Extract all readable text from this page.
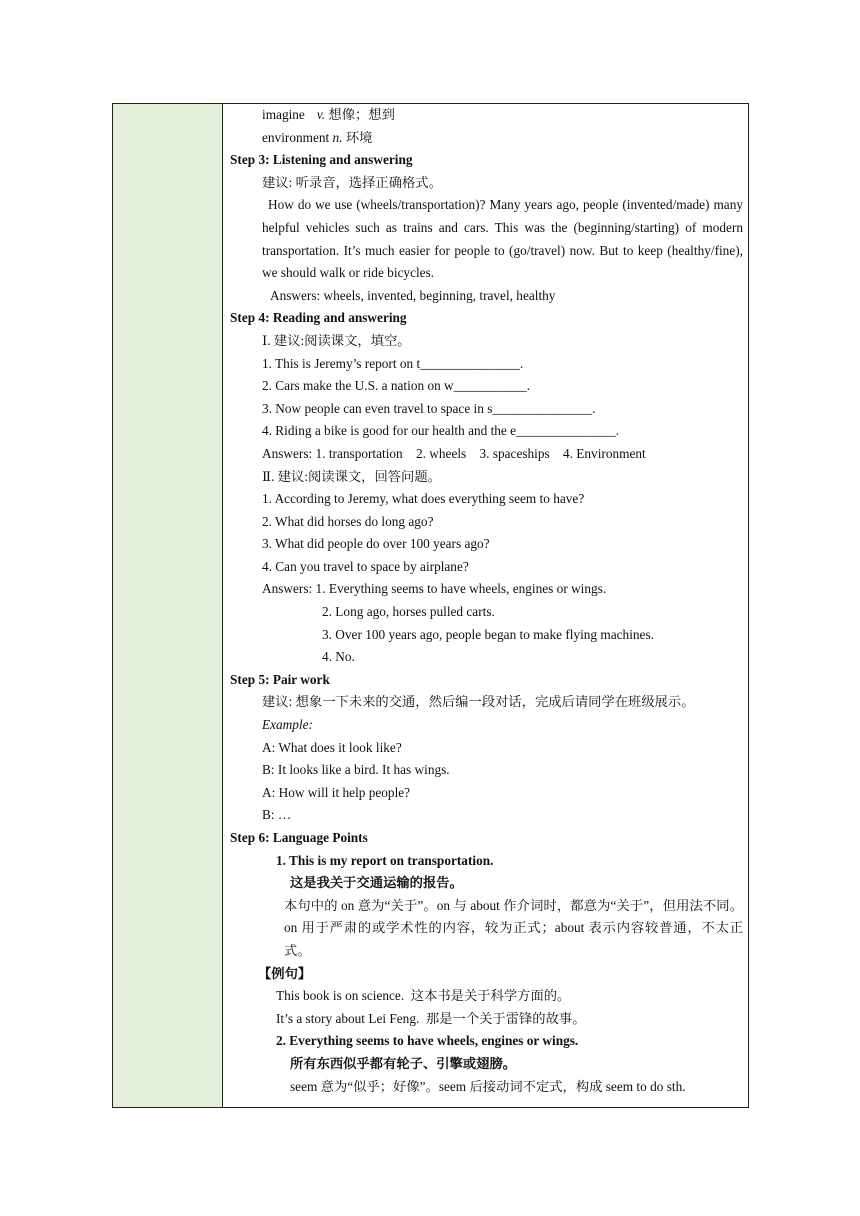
imagine v. 想像；想到
environment n. 环境
Step 3: Listening and answering
建议: 听录音，选择正确格式。
How do we use (wheels/transportation)? Many years ago, people (invented/made) many helpful vehicles such as trains and cars. This was the (beginning/starting) of modern transportation. It’s much easier for people to (go/travel) now. But to keep (healthy/fine), we should walk or ride bicycles.
Answers: wheels, invented, beginning, travel, healthy
Step 4: Reading and answering
Ⅰ. 建议:阅读课文，填空。
1. This is Jeremy’s report on t_______________.
2. Cars make the U.S. a nation on w___________.
3. Now people can even travel to space in s_______________.
4. Riding a bike is good for our health and the e_______________.
Answers: 1. transportation    2. wheels    3. spaceships    4. Environment
Ⅱ. 建议:阅读课文，回答问题。
1. According to Jeremy, what does everything seem to have?
2. What did horses do long ago?
3. What did people do over 100 years ago?
4. Can you travel to space by airplane?
Answers: 1. Everything seems to have wheels, engines or wings.
2. Long ago, horses pulled carts.
3. Over 100 years ago, people began to make flying machines.
4. No.
Step 5: Pair work
建议: 想象一下未来的交通，然后编一段对话，完成后请同学在班级展示。
Example:
A: What does it look like?
B: It looks like a bird. It has wings.
A: How will it help people?
B: …
Step 6: Language Points
1. This is my report on transportation.
这是我关于交通运输的报告。
本句中的 on 意为“关于”。on 与 about 作介词时，都意为“关于”，但用法不同。on 用于严肃的或学术性的内容，较为正式；about 表示内容较普通，不太正式。
【例句】
This book is on science.  这本书是关于科学方面的。
It’s a story about Lei Feng.  那是一个关于雷锋的故事。
2. Everything seems to have wheels, engines or wings.
所有东西似乎都有轮子、引擎或翅膀。
seem 意为“似乎；好像”。seem 后接动词不定式，构成 seem to do sth.
